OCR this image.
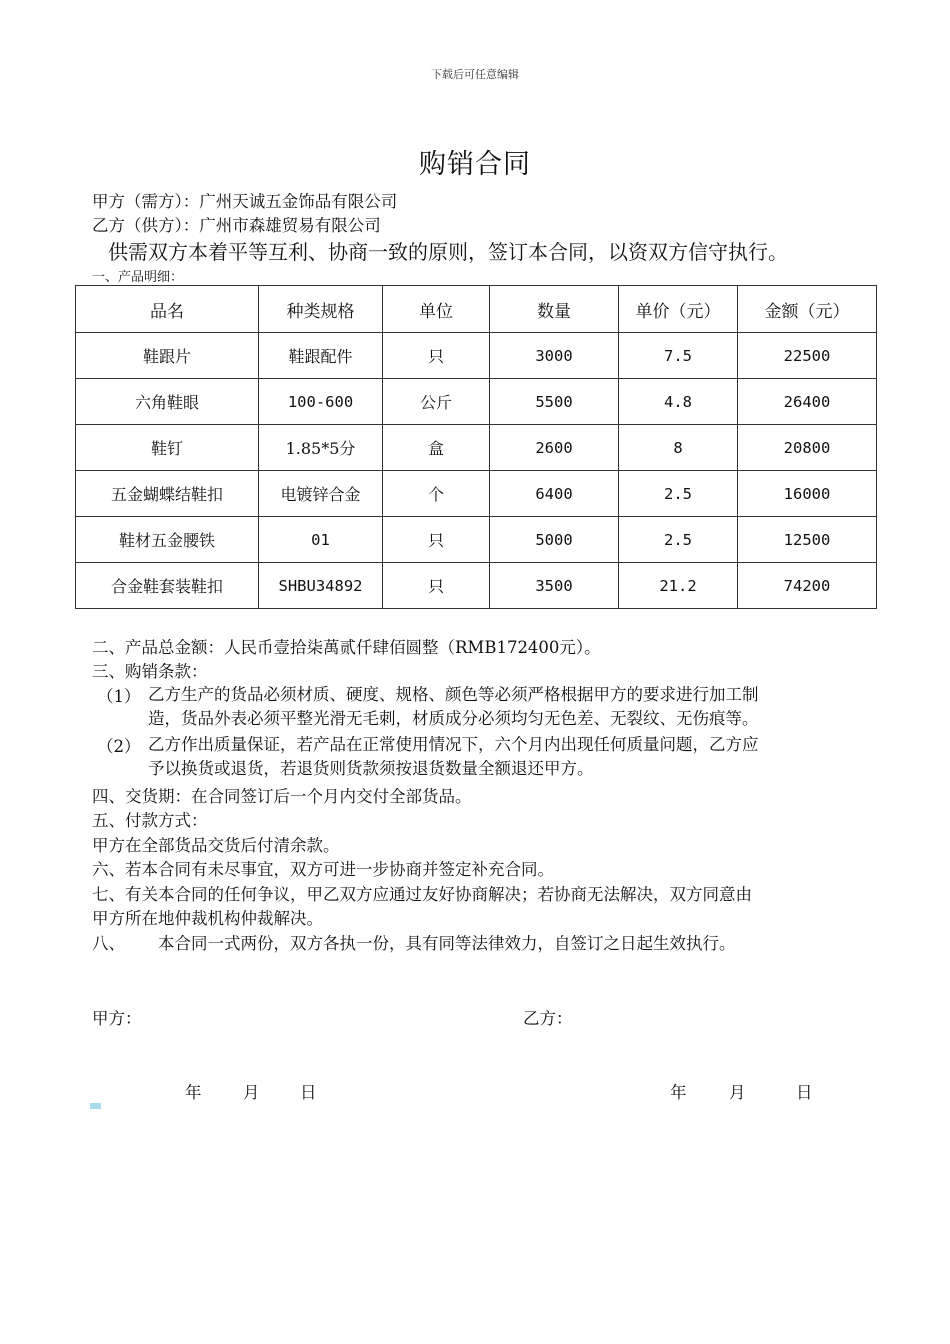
下载后可任意编辑
购销合同
甲方（需方）：广州天诚五金饰品有限公司
乙方（供方）：广州市森雄贸易有限公司
供需双方本着平等互利、协商一致的原则，签订本合同，以资双方信守执行。
一、产品明细：
品名	种类规格	单位	数量	单价（元）	金额（元）
鞋跟片	鞋跟配件	只	3000	7.5	22500
六角鞋眼	100-600	公斤	5500	4.8	26400
鞋钉	1.85*5分	盒	2600	8	20800
五金蝴蝶结鞋扣	电镀锌合金	个	6400	2.5	16000
鞋材五金腰铁	01	只	5000	2.5	12500
合金鞋套装鞋扣	SHBU34892	只	3500	21.2	74200
二、产品总金额：人民币壹拾柒萬贰仟肆佰圆整（RMB172400元）。
三、购销条款：
（1） 乙方生产的货品必须材质、硬度、规格、颜色等必须严格根据甲方的要求进行加工制
造，货品外表必须平整光滑无毛刺，材质成分必须均匀无色差、无裂纹、无伤痕等。
（2） 乙方作出质量保证，若产品在正常使用情况下，六个月内出现任何质量问题，乙方应
予以换货或退货，若退货则货款须按退货数量全额退还甲方。
四、交货期：在合同签订后一个月内交付全部货品。
五、付款方式：
甲方在全部货品交货后付清余款。
六、若本合同有未尽事宜，双方可进一步协商并签定补充合同。
七、有关本合同的任何争议，甲乙双方应通过友好协商解决；若协商无法解决，双方同意由
甲方所在地仲裁机构仲裁解决。
八、 本合同一式两份，双方各执一份，具有同等法律效力，自签订之日起生效执行。
甲方：	乙方：
年	月 日	年	月	日
